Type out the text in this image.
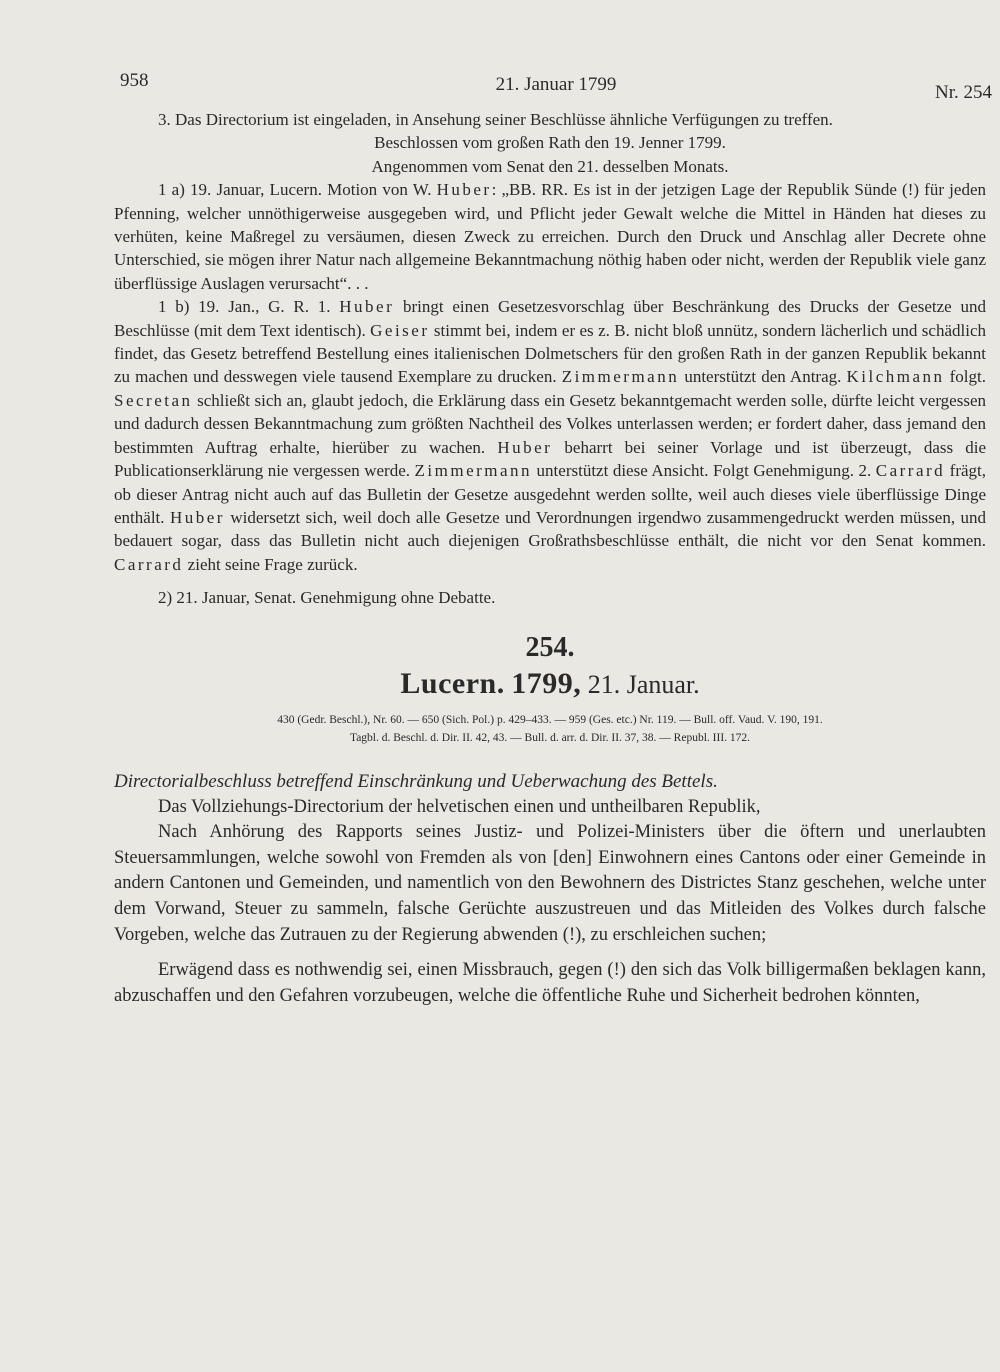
958	21. Januar 1799	Nr. 254

3. Das Directorium ist eingeladen, in Ansehung seiner Beschlüsse ähnliche Verfügungen zu treffen.

Beschlossen vom großen Rath den 19. Jenner 1799.

Angenommen vom Senat den 21. desselben Monats.

1 a) 19. Januar, Lucern. Motion von W. Huber: „BB. RR. Es ist in der jetzigen Lage der Republik Sünde (!) für jeden Pfenning, welcher unnöthigerweise ausgegeben wird, und Pflicht jeder Gewalt welche die Mittel in Händen hat dieses zu verhüten, keine Maßregel zu versäumen, diesen Zweck zu erreichen. Durch den Druck und Anschlag aller Decrete ohne Unterschied, sie mögen ihrer Natur nach allgemeine Bekanntmachung nöthig haben oder nicht, werden der Republik viele ganz überflüssige Auslagen verursacht“. . .

1 b) 19. Jan., G. R. 1. Huber bringt einen Gesetzesvorschlag über Beschränkung des Drucks der Gesetze und Beschlüsse (mit dem Text identisch). Geiser stimmt bei, indem er es z. B. nicht bloß unnütz, sondern lächerlich und schädlich findet, das Gesetz betreffend Bestellung eines italienischen Dolmetschers für den großen Rath in der ganzen Republik bekannt zu machen und desswegen viele tausend Exemplare zu drucken. Zimmermann unterstützt den Antrag. Kilchmann folgt. Secretan schließt sich an, glaubt jedoch, die Erklärung dass ein Gesetz bekanntgemacht werden solle, dürfte leicht vergessen und dadurch dessen Bekanntmachung zum größten Nachtheil des Volkes unterlassen werden; er fordert daher, dass jemand den bestimmten Auftrag erhalte, hierüber zu wachen. Huber beharrt bei seiner Vorlage und ist überzeugt, dass die Publicationserklärung nie vergessen werde. Zimmermann unterstützt diese Ansicht. Folgt Genehmigung. 2. Carrard frägt, ob dieser Antrag nicht auch auf das Bulletin der Gesetze ausgedehnt werden sollte, weil auch dieses viele überflüssige Dinge enthält. Huber widersetzt sich, weil doch alle Gesetze und Verordnungen irgendwo zusammengedruckt werden müssen, und bedauert sogar, dass das Bulletin nicht auch diejenigen Großrathsbeschlüsse enthält, die nicht vor den Senat kommen. Carrard zieht seine Frage zurück.

2) 21. Januar, Senat. Genehmigung ohne Debatte.

254.
Lucern. 1799, 21. Januar.
430 (Gedr. Beschl.), Nr. 60. — 650 (Sich. Pol.) p. 429–433. — 959 (Ges. etc.) Nr. 119. — Bull. off. Vaud. V. 190, 191.
Tagbl. d. Beschl. d. Dir. II. 42, 43. — Bull. d. arr. d. Dir. II. 37, 38. — Republ. III. 172.
Directorialbeschluss betreffend Einschränkung und Ueberwachung des Bettels.

Das Vollziehungs-Directorium der helvetischen einen und untheilbaren Republik,

Nach Anhörung des Rapports seines Justiz- und Polizei-Ministers über die öftern und unerlaubten Steuersammlungen, welche sowohl von Fremden als von [den] Einwohnern eines Cantons oder einer Gemeinde in andern Cantonen und Gemeinden, und namentlich von den Bewohnern des Districtes Stanz geschehen, welche unter dem Vorwand, Steuer zu sammeln, falsche Gerüchte auszustreuen und das Mitleiden des Volkes durch falsche Vorgeben, welche das Zutrauen zu der Regierung abwenden (!), zu erschleichen suchen;

Erwägend dass es nothwendig sei, einen Missbrauch, gegen (!) den sich das Volk billigermaßen beklagen kann, abzuschaffen und den Gefahren vorzubeugen, welche die öffentliche Ruhe und Sicherheit bedrohen könnten,
